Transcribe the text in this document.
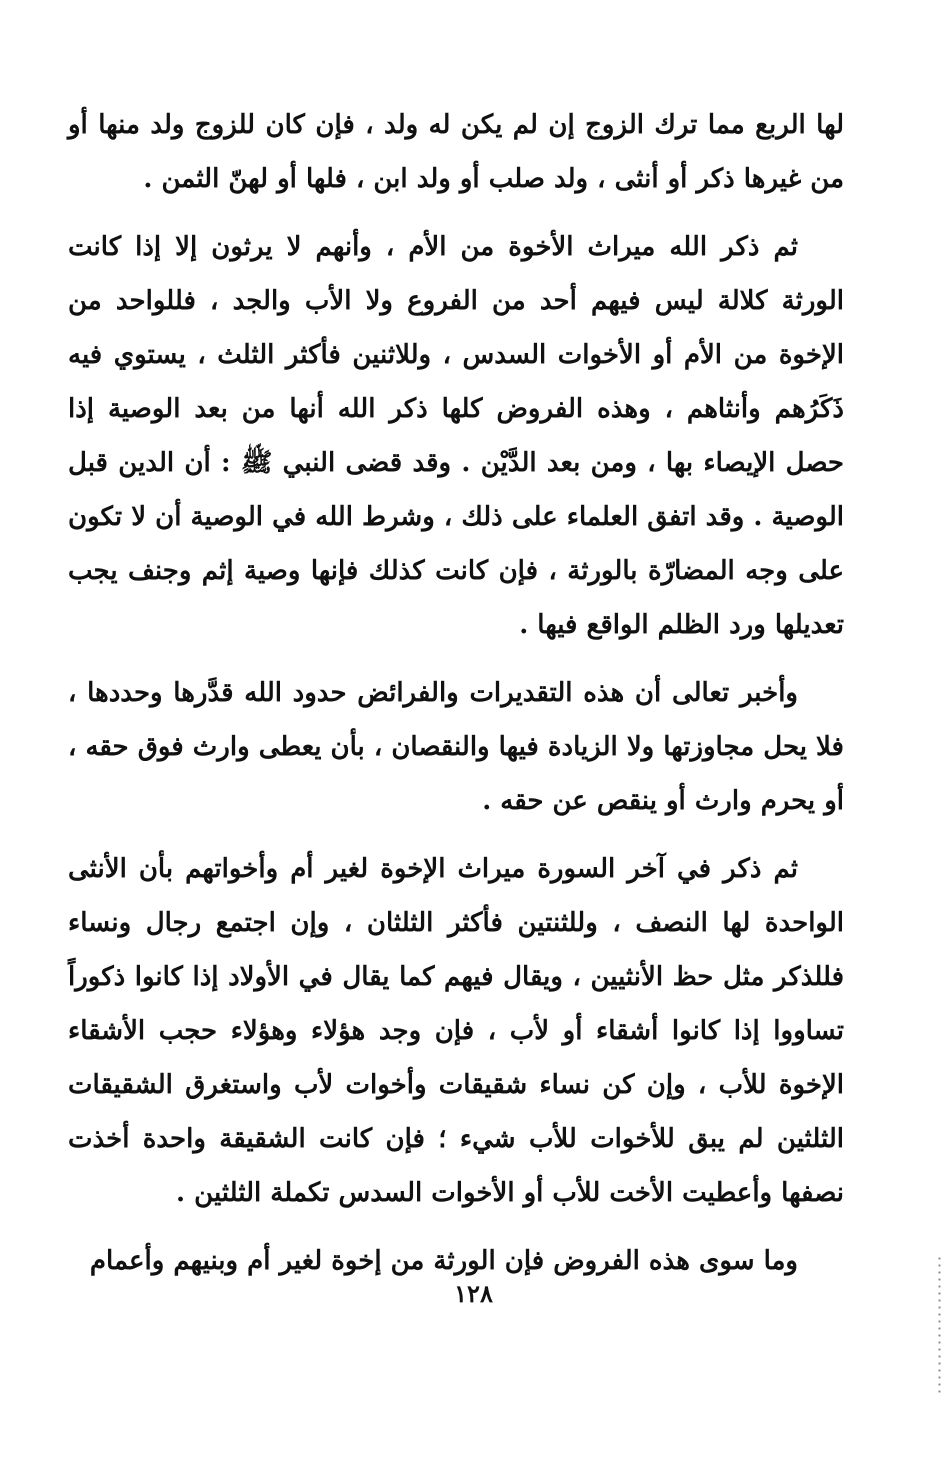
لها الربع مما ترك الزوج إن لم يكن له ولد ، فإن كان للزوج ولد منها أو من غيرها ذكر أو أنثى ، ولد صلب أو ولد ابن ، فلها أو لهنّ الثمن .

ثم ذكر الله ميراث الأخوة من الأم ، وأنهم لا يرثون إلا إذا كانت الورثة كلالة ليس فيهم أحد من الفروع ولا الأب والجد ، فللواحد من الإخوة من الأم أو الأخوات السدس ، وللاثنين فأكثر الثلث ، يستوي فيه ذَكَرُهم وأنثاهم ، وهذه الفروض كلها ذكر الله أنها من بعد الوصية إذا حصل الإيصاء بها ، ومن بعد الدَّيْن . وقد قضى النبي ﷺ : أن الدين قبل الوصية . وقد اتفق العلماء على ذلك ، وشرط الله في الوصية أن لا تكون على وجه المضارّة بالورثة ، فإن كانت كذلك فإنها وصية إثم وجنف يجب تعديلها ورد الظلم الواقع فيها .

وأخبر تعالى أن هذه التقديرات والفرائض حدود الله قدَّرها وحددها ، فلا يحل مجاوزتها ولا الزيادة فيها والنقصان ، بأن يعطى وارث فوق حقه ، أو يحرم وارث أو ينقص عن حقه .

ثم ذكر في آخر السورة ميراث الإخوة لغير أم وأخواتهم بأن الأنثى الواحدة لها النصف ، وللثنتين فأكثر الثلثان ، وإن اجتمع رجال ونساء فللذكر مثل حظ الأنثيين ، ويقال فيهم كما يقال في الأولاد إذا كانوا ذكوراً تساووا إذا كانوا أشقاء أو لأب ، فإن وجد هؤلاء وهؤلاء حجب الأشقاء الإخوة للأب ، وإن كن نساء شقيقات وأخوات لأب واستغرق الشقيقات الثلثين لم يبق للأخوات للأب شيء ؛ فإن كانت الشقيقة واحدة أخذت نصفها وأعطيت الأخت للأب أو الأخوات السدس تكملة الثلثين .

وما سوى هذه الفروض فإن الورثة من إخوة لغير أم وبنيهم وأعمام

١٢٨
